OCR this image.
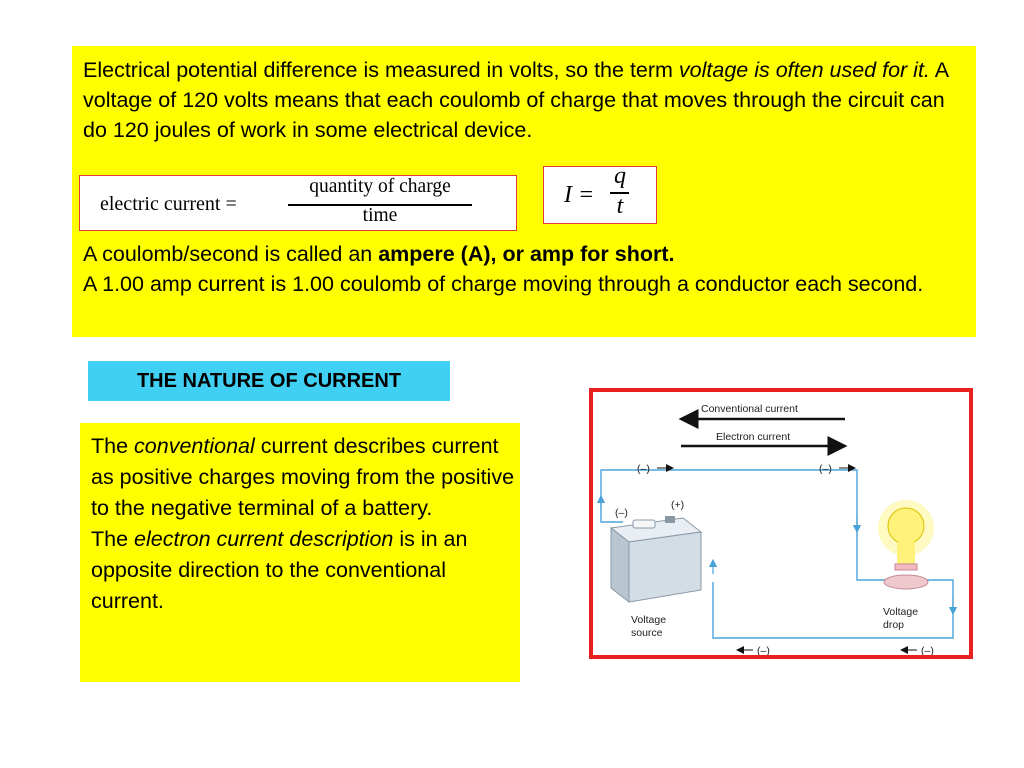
Electrical potential difference is measured in volts, so the term voltage is often used for it. A voltage of 120 volts means that each coulomb of charge that moves through the circuit can do 120 joules of work in some electrical device.

electric current =
quantity of charge
time
I =
q
t

A coulomb/second is called an ampere (A), or amp for short.
A 1.00 amp current is 1.00 coulomb of charge moving through a conductor each second.

THE NATURE OF CURRENT

The conventional current describes current as positive charges moving from the positive to the negative terminal of a battery.
The electron current description is in an opposite direction to the conventional current.

Conventional current
Electron current
(–)	(–)
(–)	(–)
(–)
(+)
Voltage
source
Voltage
drop
